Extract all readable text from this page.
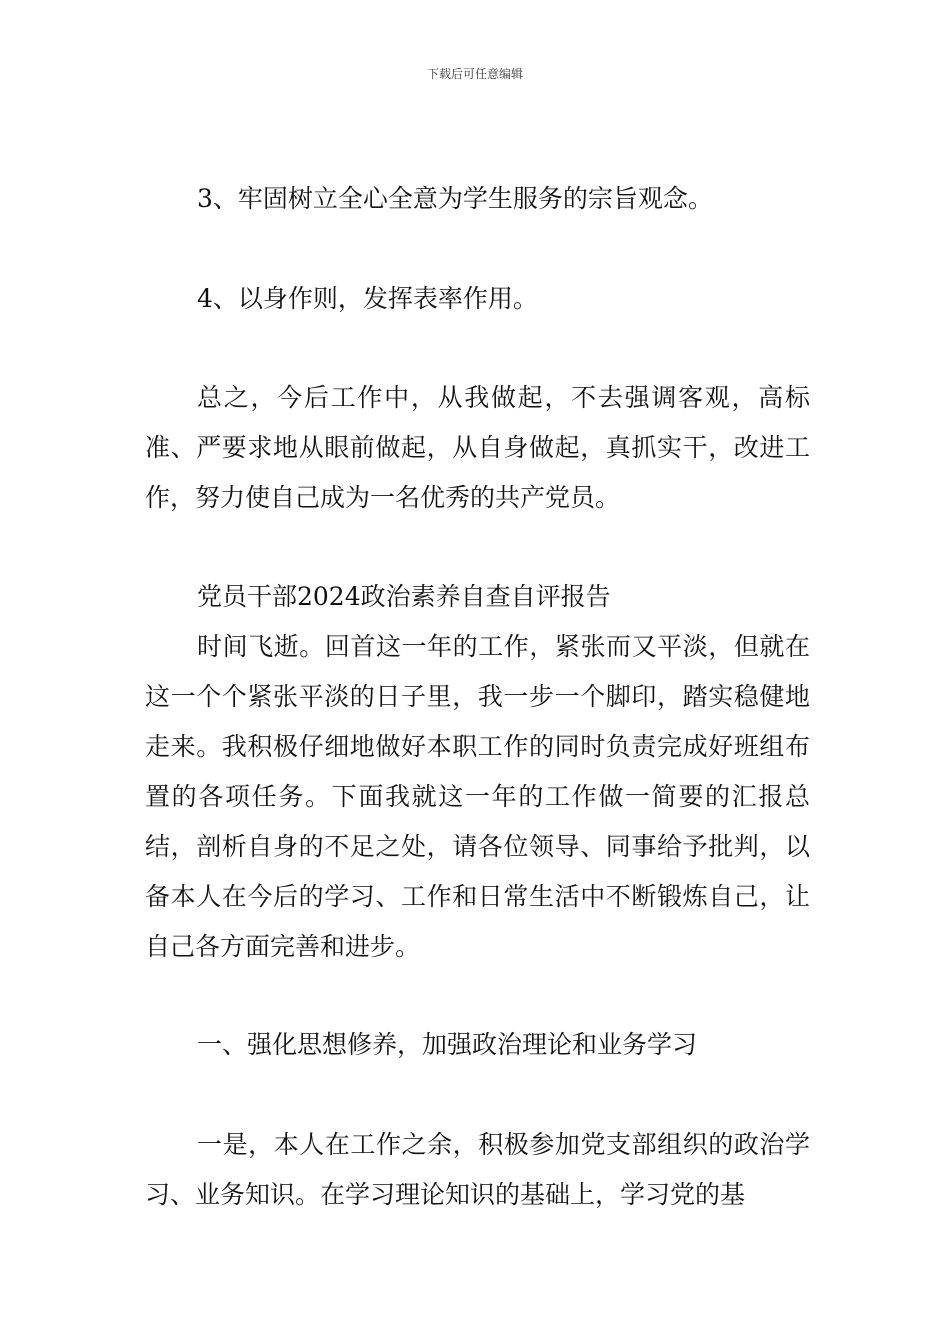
下载后可任意编辑

3、牢固树立全心全意为学生服务的宗旨观念。

4、以身作则，发挥表率作用。

总之，今后工作中，从我做起，不去强调客观，高标准、严要求地从眼前做起，从自身做起，真抓实干，改进工作，努力使自己成为一名优秀的共产党员。

党员干部2024政治素养自查自评报告

时间飞逝。回首这一年的工作，紧张而又平淡，但就在这一个个紧张平淡的日子里，我一步一个脚印，踏实稳健地走来。我积极仔细地做好本职工作的同时负责完成好班组布置的各项任务。下面我就这一年的工作做一简要的汇报总结，剖析自身的不足之处，请各位领导、同事给予批判，以备本人在今后的学习、工作和日常生活中不断锻炼自己，让自己各方面完善和进步。

一、强化思想修养，加强政治理论和业务学习

一是，本人在工作之余，积极参加党支部组织的政治学习、业务知识。在学习理论知识的基础上，学习党的基
